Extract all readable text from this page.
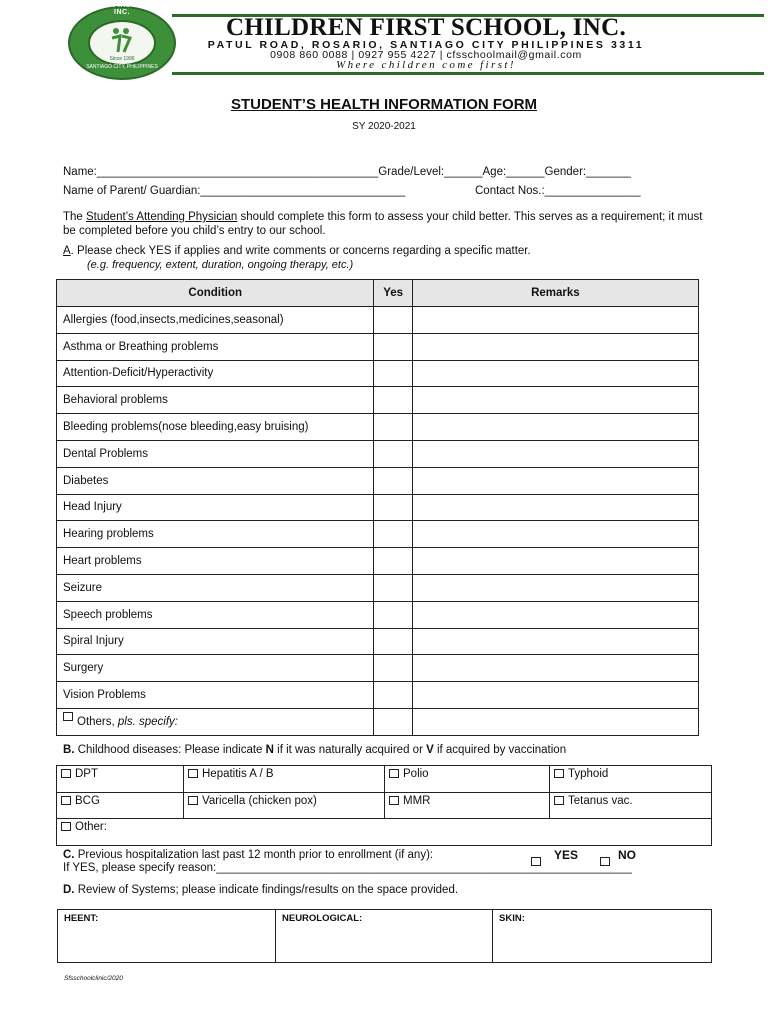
CHILDREN FIRST SCHOOL, INC.
Since 1996
SANTIAGO CITY, PHILIPPINES
CHILDREN FIRST SCHOOL, INC.
PATUL ROAD, ROSARIO, SANTIAGO CITY PHILIPPINES 3311
0908 860 0088 | 0927 955 4227 | cfsschoolmail@gmail.com
Where children come first!
STUDENT’S HEALTH INFORMATION FORM
SY 2020-2021
Name:____________________________________________Grade/Level:______Age:______Gender:_______
Name of Parent/ Guardian:________________________________	Contact Nos.:_______________
The Student’s Attending Physician should complete this form to assess your child better. This serves as a requirement; it must be completed before you child’s entry to our school.
A. Please check YES if applies and write comments or concerns regarding a specific matter.
(e.g. frequency, extent, duration, ongoing therapy, etc.)
Condition	Yes	Remarks
Allergies (food,insects,medicines,seasonal)		
Asthma or Breathing problems		
Attention-Deficit/Hyperactivity		
Behavioral problems		
Bleeding problems(nose bleeding,easy bruising)		
Dental Problems		
Diabetes		
Head Injury		
Hearing problems		
Heart problems		
Seizure		
Speech problems		
Spiral Injury		
Surgery		
Vision Problems		
Others, pls. specify:		
B. Childhood diseases: Please indicate N if it was naturally acquired or V if acquired by vaccination
DPT	Hepatitis A / B	Polio	Typhoid
BCG	Varicella (chicken pox)	MMR	Tetanus vac.
Other:			
C. Previous hospitalization last past 12 month prior to enrollment (if any):	YES	NO
If YES, please specify reason:_________________________________________________________________
D. Review of Systems; please indicate findings/results on the space provided.
HEENT:	NEUROLOGICAL:	SKIN:
Sfsschoolclinic/2020
